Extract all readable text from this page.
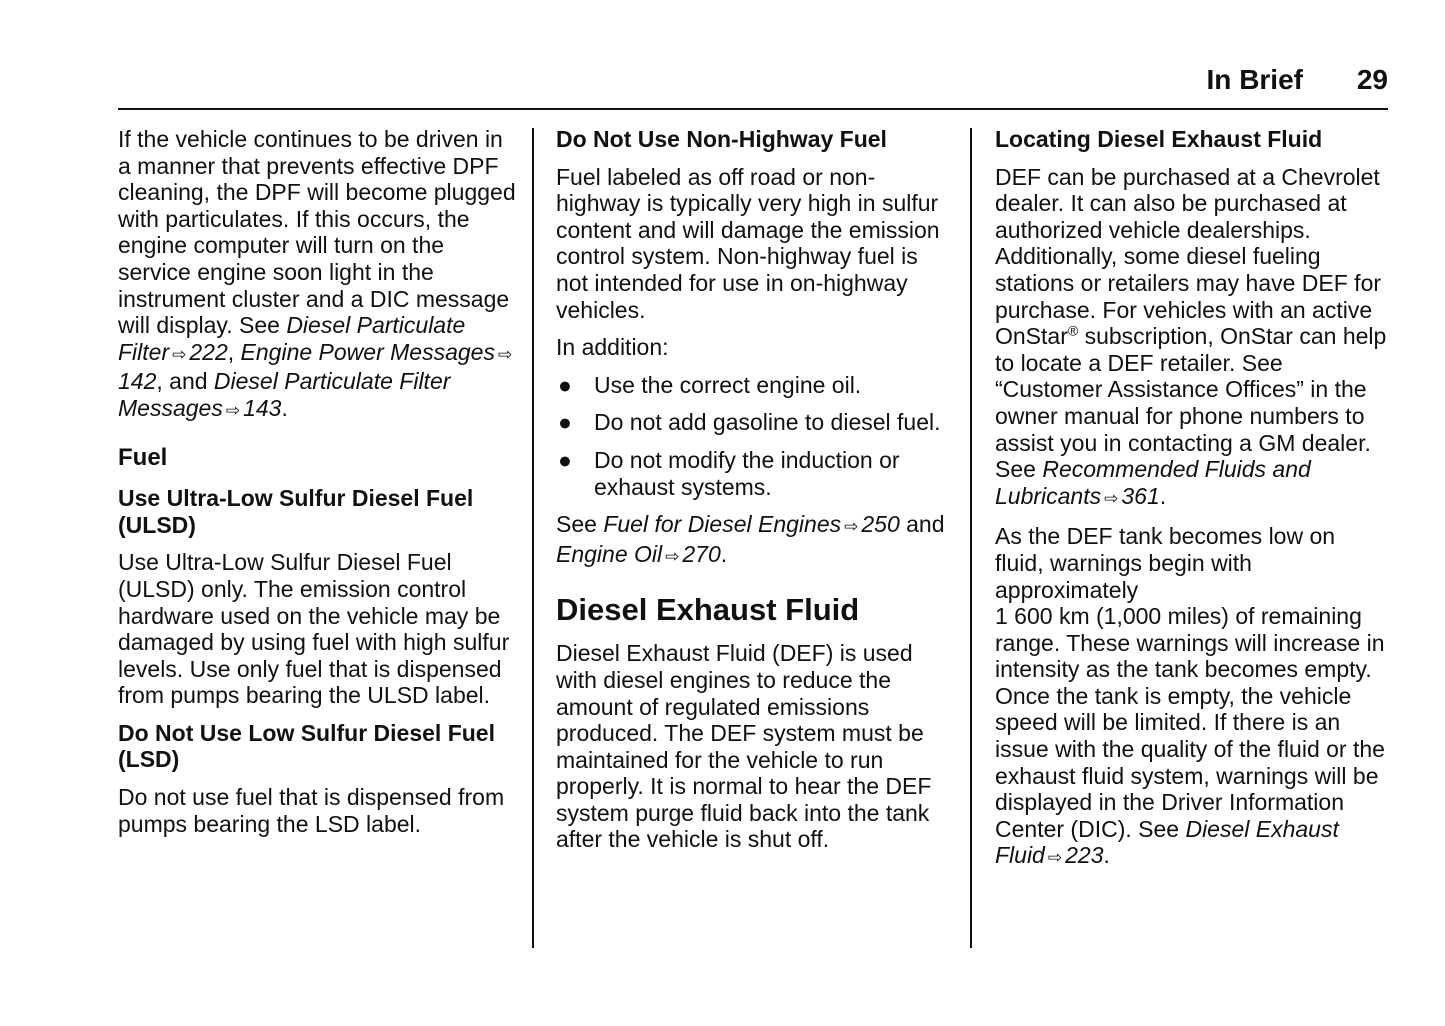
In Brief 29

If the vehicle continues to be driven in a manner that prevents effective DPF cleaning, the DPF will become plugged with particulates. If this occurs, the engine computer will turn on the service engine soon light in the instrument cluster and a DIC message will display. See Diesel Particulate Filter ⇨ 222, Engine Power Messages ⇨142, and Diesel Particulate Filter Messages ⇨ 143.

Fuel
Use Ultra-Low Sulfur Diesel Fuel (ULSD)

Use Ultra-Low Sulfur Diesel Fuel (ULSD) only. The emission control hardware used on the vehicle may be damaged by using fuel with high sulfur levels. Use only fuel that is dispensed from pumps bearing the ULSD label.

Do Not Use Low Sulfur Diesel Fuel (LSD)

Do not use fuel that is dispensed from pumps bearing the LSD label.

Do Not Use Non-Highway Fuel

Fuel labeled as off road or non-highway is typically very high in sulfur content and will damage the emission control system. Non-highway fuel is not intended for use in on-highway vehicles.

In addition:

● Use the correct engine oil.
● Do not add gasoline to diesel fuel.
● Do not modify the induction or exhaust systems.

See Fuel for Diesel Engines ⇨ 250 and Engine Oil ⇨ 270.

Diesel Exhaust Fluid

Diesel Exhaust Fluid (DEF) is used with diesel engines to reduce the amount of regulated emissions produced. The DEF system must be maintained for the vehicle to run properly. It is normal to hear the DEF system purge fluid back into the tank after the vehicle is shut off.

Locating Diesel Exhaust Fluid

DEF can be purchased at a Chevrolet dealer. It can also be purchased at authorized vehicle dealerships. Additionally, some diesel fueling stations or retailers may have DEF for purchase. For vehicles with an active OnStar® subscription, OnStar can help to locate a DEF retailer. See “Customer Assistance Offices” in the owner manual for phone numbers to assist you in contacting a GM dealer. See Recommended Fluids and Lubricants ⇨ 361.

As the DEF tank becomes low on fluid, warnings begin with approximately
1 600 km (1,000 miles) of remaining range. These warnings will increase in intensity as the tank becomes empty. Once the tank is empty, the vehicle speed will be limited. If there is an issue with the quality of the fluid or the exhaust fluid system, warnings will be displayed in the Driver Information Center (DIC). See Diesel Exhaust Fluid ⇨ 223.
